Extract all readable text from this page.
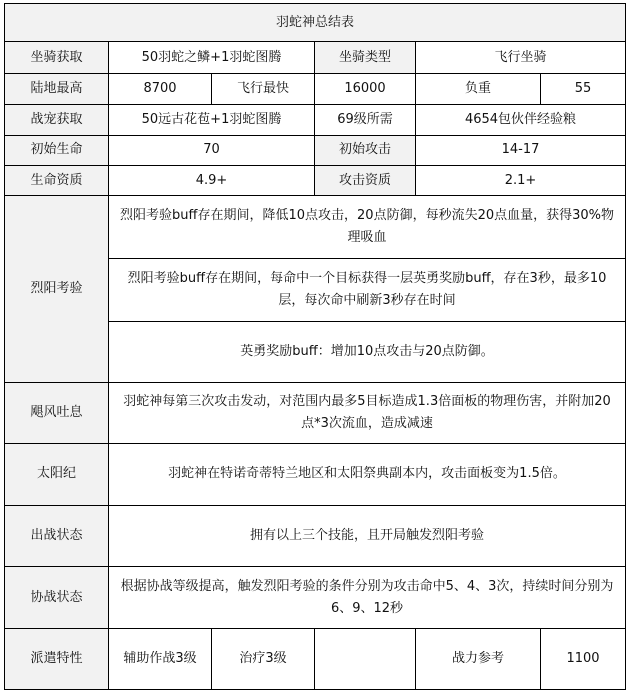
羽蛇神总结表					
坐骑获取	50羽蛇之鳞+1羽蛇图腾		坐骑类型	飞行坐骑	
陆地最高	8700	飞行最快	16000	负重	55
战宠获取	50远古花苞+1羽蛇图腾		69级所需	4654包伙伴经验粮	
初始生命	70		初始攻击	14-17	
生命资质	4.9+		攻击资质	2.1+	
烈阳考验	烈阳考验buff存在期间，降低10点攻击，20点防御，每秒流失20点血量，获得30%物理吸血				
	烈阳考验buff存在期间，每命中一个目标获得一层英勇奖励buff，存在3秒，最多10层，每次命中刷新3秒存在时间				
	英勇奖励buff：增加10点攻击与20点防御。				
飓风吐息	羽蛇神每第三次攻击发动，对范围内最多5目标造成1.3倍面板的物理伤害，并附加20点*3次流血，造成减速				
太阳纪	羽蛇神在特诺奇蒂特兰地区和太阳祭典副本内，攻击面板变为1.5倍。				
出战状态	拥有以上三个技能，且开局触发烈阳考验				
协战状态	根据协战等级提高，触发烈阳考验的条件分别为攻击命中5、4、3次，持续时间分别为6、9、12秒				
派遣特性	辅助作战3级	治疗3级		战力参考	1100
